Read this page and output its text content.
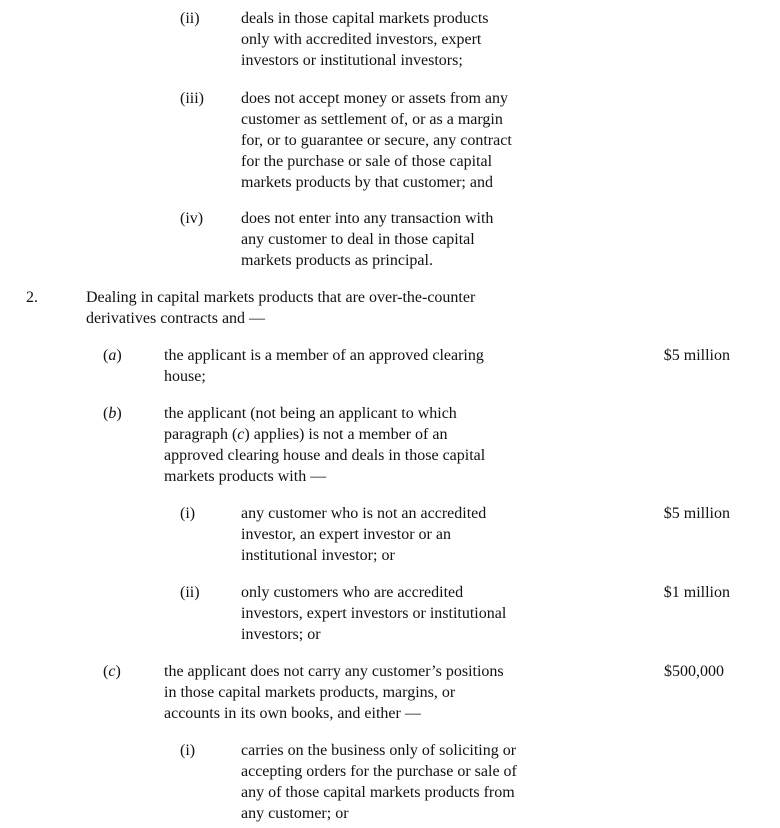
(ii)	deals in those capital markets products
only with accredited investors, expert
investors or institutional investors;
(iii) does not accept money or assets from any
customer as settlement of, or as a margin
for, or to guarantee or secure, any contract
for the purchase or sale of those capital
markets products by that customer; and
(iv) does not enter into any transaction with
any customer to deal in those capital
markets products as principal.
2.	Dealing in capital markets products that are over-the-counter
derivatives contracts and —
(a)	the applicant is a member of an approved clearing
house;
$5 million
(b)	the applicant (not being an applicant to which
paragraph (c) applies) is not a member of an
approved clearing house and deals in those capital
markets products with —
(i)	any customer who is not an accredited
investor, an expert investor or an
institutional investor; or
$5 million
(ii)	only customers who are accredited
investors, expert investors or institutional
investors; or
$1 million
(c)	the applicant does not carry any customer’s positions
in those capital markets products, margins, or
accounts in its own books, and either —
$500,000
(i)	carries on the business only of soliciting or
accepting orders for the purchase or sale of
any of those capital markets products from
any customer; or
